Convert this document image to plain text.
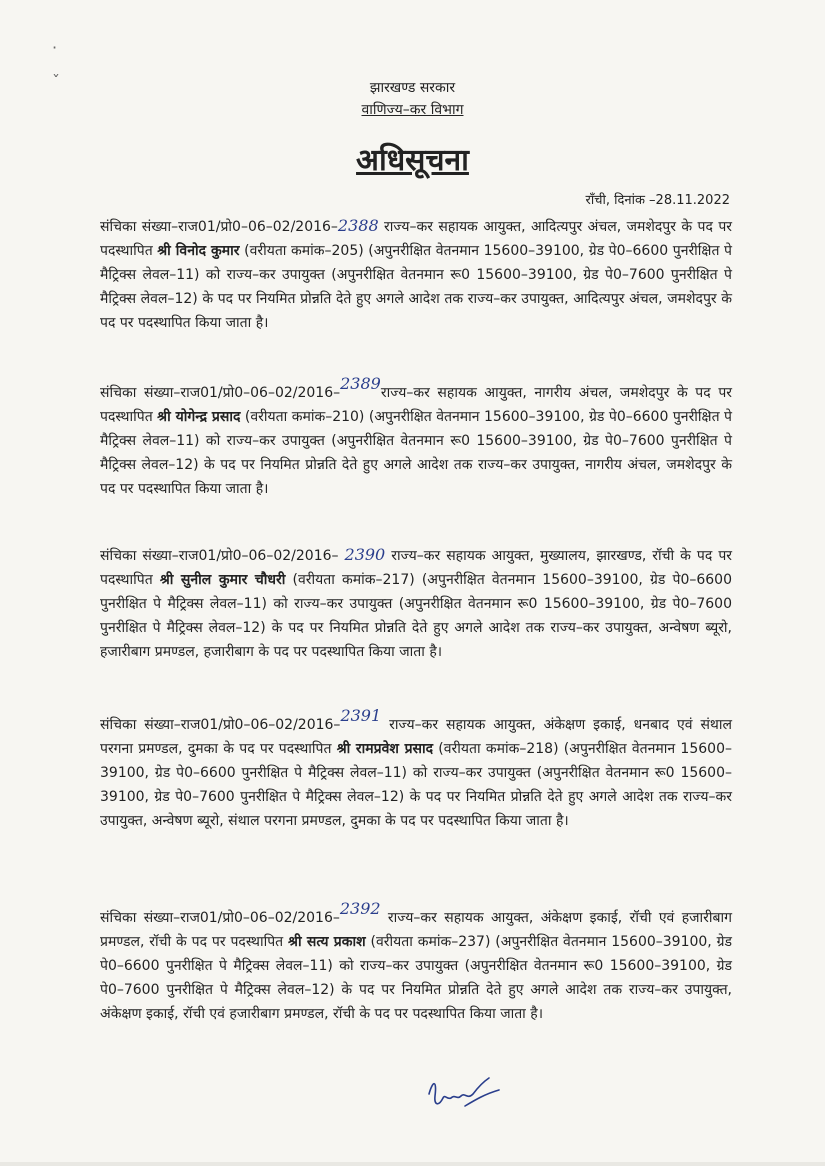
·
ˇ	झारखण्ड सरकार
वाणिज्य–कर विभाग
अधिसूचना
राँची, दिनांक –28.11.2022
संचिका संख्या–राज01/प्रो0–06–02/2016–2388 राज्य–कर सहायक आयुक्त, आदित्यपुर अंचल, जमशेदपुर के पद पर पदस्थापित श्री विनोद कुमार (वरीयता कमांक–205) (अपुनरीक्षित वेतनमान 15600–39100, ग्रेड पे0–6600 पुनरीक्षित पे मैट्रिक्स लेवल–11) को राज्य–कर उपायुक्त (अपुनरीक्षित वेतनमान रू0 15600–39100, ग्रेड पे0–7600 पुनरीक्षित पे मैट्रिक्स लेवल–12) के पद पर नियमित प्रोन्नति देते हुए अगले आदेश तक राज्य–कर उपायुक्त, आदित्यपुर अंचल, जमशेदपुर के पद पर पदस्थापित किया जाता है।
संचिका संख्या–राज01/प्रो0–06–02/2016–2389राज्य–कर सहायक आयुक्त, नागरीय अंचल, जमशेदपुर के पद पर पदस्थापित श्री योगेन्द्र प्रसाद (वरीयता कमांक–210) (अपुनरीक्षित वेतनमान 15600–39100, ग्रेड पे0–6600 पुनरीक्षित पे मैट्रिक्स लेवल–11) को राज्य–कर उपायुक्त (अपुनरीक्षित वेतनमान रू0 15600–39100, ग्रेड पे0–7600 पुनरीक्षित पे मैट्रिक्स लेवल–12) के पद पर नियमित प्रोन्नति देते हुए अगले आदेश तक राज्य–कर उपायुक्त, नागरीय अंचल, जमशेदपुर के पद पर पदस्थापित किया जाता है।
संचिका संख्या–राज01/प्रो0–06–02/2016– 2390 राज्य–कर सहायक आयुक्त, मुख्यालय, झारखण्ड, रॉची के पद पर पदस्थापित श्री सुनील कुमार चौधरी (वरीयता कमांक–217) (अपुनरीक्षित वेतनमान 15600–39100, ग्रेड पे0–6600 पुनरीक्षित पे मैट्रिक्स लेवल–11) को राज्य–कर उपायुक्त (अपुनरीक्षित वेतनमान रू0 15600–39100, ग्रेड पे0–7600 पुनरीक्षित पे मैट्रिक्स लेवल–12) के पद पर नियमित प्रोन्नति देते हुए अगले आदेश तक राज्य–कर उपायुक्त, अन्वेषण ब्यूरो, हजारीबाग प्रमण्डल, हजारीबाग के पद पर पदस्थापित किया जाता है।
संचिका संख्या–राज01/प्रो0–06–02/2016–2391 राज्य–कर सहायक आयुक्त, अंकेक्षण इकाई, धनबाद एवं संथाल परगना प्रमण्डल, दुमका के पद पर पदस्थापित श्री रामप्रवेश प्रसाद (वरीयता कमांक–218) (अपुनरीक्षित वेतनमान 15600–39100, ग्रेड पे0–6600 पुनरीक्षित पे मैट्रिक्स लेवल–11) को राज्य–कर उपायुक्त (अपुनरीक्षित वेतनमान रू0 15600–39100, ग्रेड पे0–7600 पुनरीक्षित पे मैट्रिक्स लेवल–12) के पद पर नियमित प्रोन्नति देते हुए अगले आदेश तक राज्य–कर उपायुक्त, अन्वेषण ब्यूरो, संथाल परगना प्रमण्डल, दुमका के पद पर पदस्थापित किया जाता है।
संचिका संख्या–राज01/प्रो0–06–02/2016–2392 राज्य–कर सहायक आयुक्त, अंकेक्षण इकाई, रॉची एवं हजारीबाग प्रमण्डल, रॉची के पद पर पदस्थापित श्री सत्य प्रकाश (वरीयता कमांक–237) (अपुनरीक्षित वेतनमान 15600–39100, ग्रेड पे0–6600 पुनरीक्षित पे मैट्रिक्स लेवल–11) को राज्य–कर उपायुक्त (अपुनरीक्षित वेतनमान रू0 15600–39100, ग्रेड पे0–7600 पुनरीक्षित पे मैट्रिक्स लेवल–12) के पद पर नियमित प्रोन्नति देते हुए अगले आदेश तक राज्य–कर उपायुक्त, अंकेक्षण इकाई, रॉची एवं हजारीबाग प्रमण्डल, रॉची के पद पर पदस्थापित किया जाता है।
